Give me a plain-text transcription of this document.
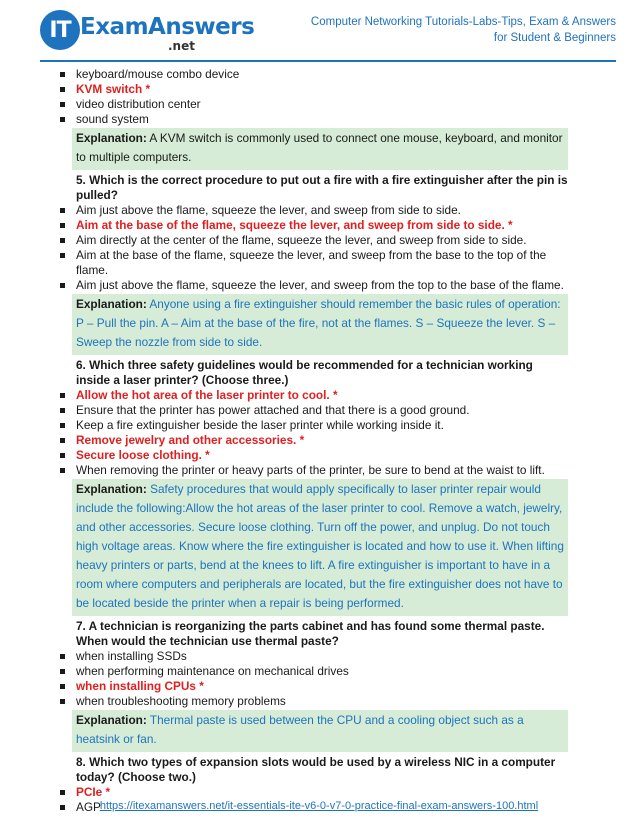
IT ExamAnswers
.net
Computer Networking Tutorials-Labs-Tips, Exam & Answers
for Student & Beginners
keyboard/mouse combo device
KVM switch *
video distribution center
sound system
Explanation: A KVM switch is commonly used to connect one mouse, keyboard, and monitor to multiple computers.
5. Which is the correct procedure to put out a fire with a fire extinguisher after the pin is pulled?
Aim just above the flame, squeeze the lever, and sweep from side to side.
Aim at the base of the flame, squeeze the lever, and sweep from side to side. *
Aim directly at the center of the flame, squeeze the lever, and sweep from side to side.
Aim at the base of the flame, squeeze the lever, and sweep from the base to the top of the flame.
Aim just above the flame, squeeze the lever, and sweep from the top to the base of the flame.
Explanation: Anyone using a fire extinguisher should remember the basic rules of operation: P – Pull the pin. A – Aim at the base of the fire, not at the flames. S – Squeeze the lever. S – Sweep the nozzle from side to side.
6. Which three safety guidelines would be recommended for a technician working inside a laser printer? (Choose three.)
Allow the hot area of the laser printer to cool. *
Ensure that the printer has power attached and that there is a good ground.
Keep a fire extinguisher beside the laser printer while working inside it.
Remove jewelry and other accessories. *
Secure loose clothing. *
When removing the printer or heavy parts of the printer, be sure to bend at the waist to lift.
Explanation: Safety procedures that would apply specifically to laser printer repair would include the following:Allow the hot areas of the laser printer to cool. Remove a watch, jewelry, and other accessories. Secure loose clothing. Turn off the power, and unplug. Do not touch high voltage areas. Know where the fire extinguisher is located and how to use it. When lifting heavy printers or parts, bend at the knees to lift. A fire extinguisher is important to have in a room where computers and peripherals are located, but the fire extinguisher does not have to be located beside the printer when a repair is being performed.
7. A technician is reorganizing the parts cabinet and has found some thermal paste. When would the technician use thermal paste?
when installing SSDs
when performing maintenance on mechanical drives
when installing CPUs *
when troubleshooting memory problems
Explanation: Thermal paste is used between the CPU and a cooling object such as a heatsink or fan.
8. Which two types of expansion slots would be used by a wireless NIC in a computer today? (Choose two.)
PCIe *
AGP
https://itexamanswers.net/it-essentials-ite-v6-0-v7-0-practice-final-exam-answers-100.html
